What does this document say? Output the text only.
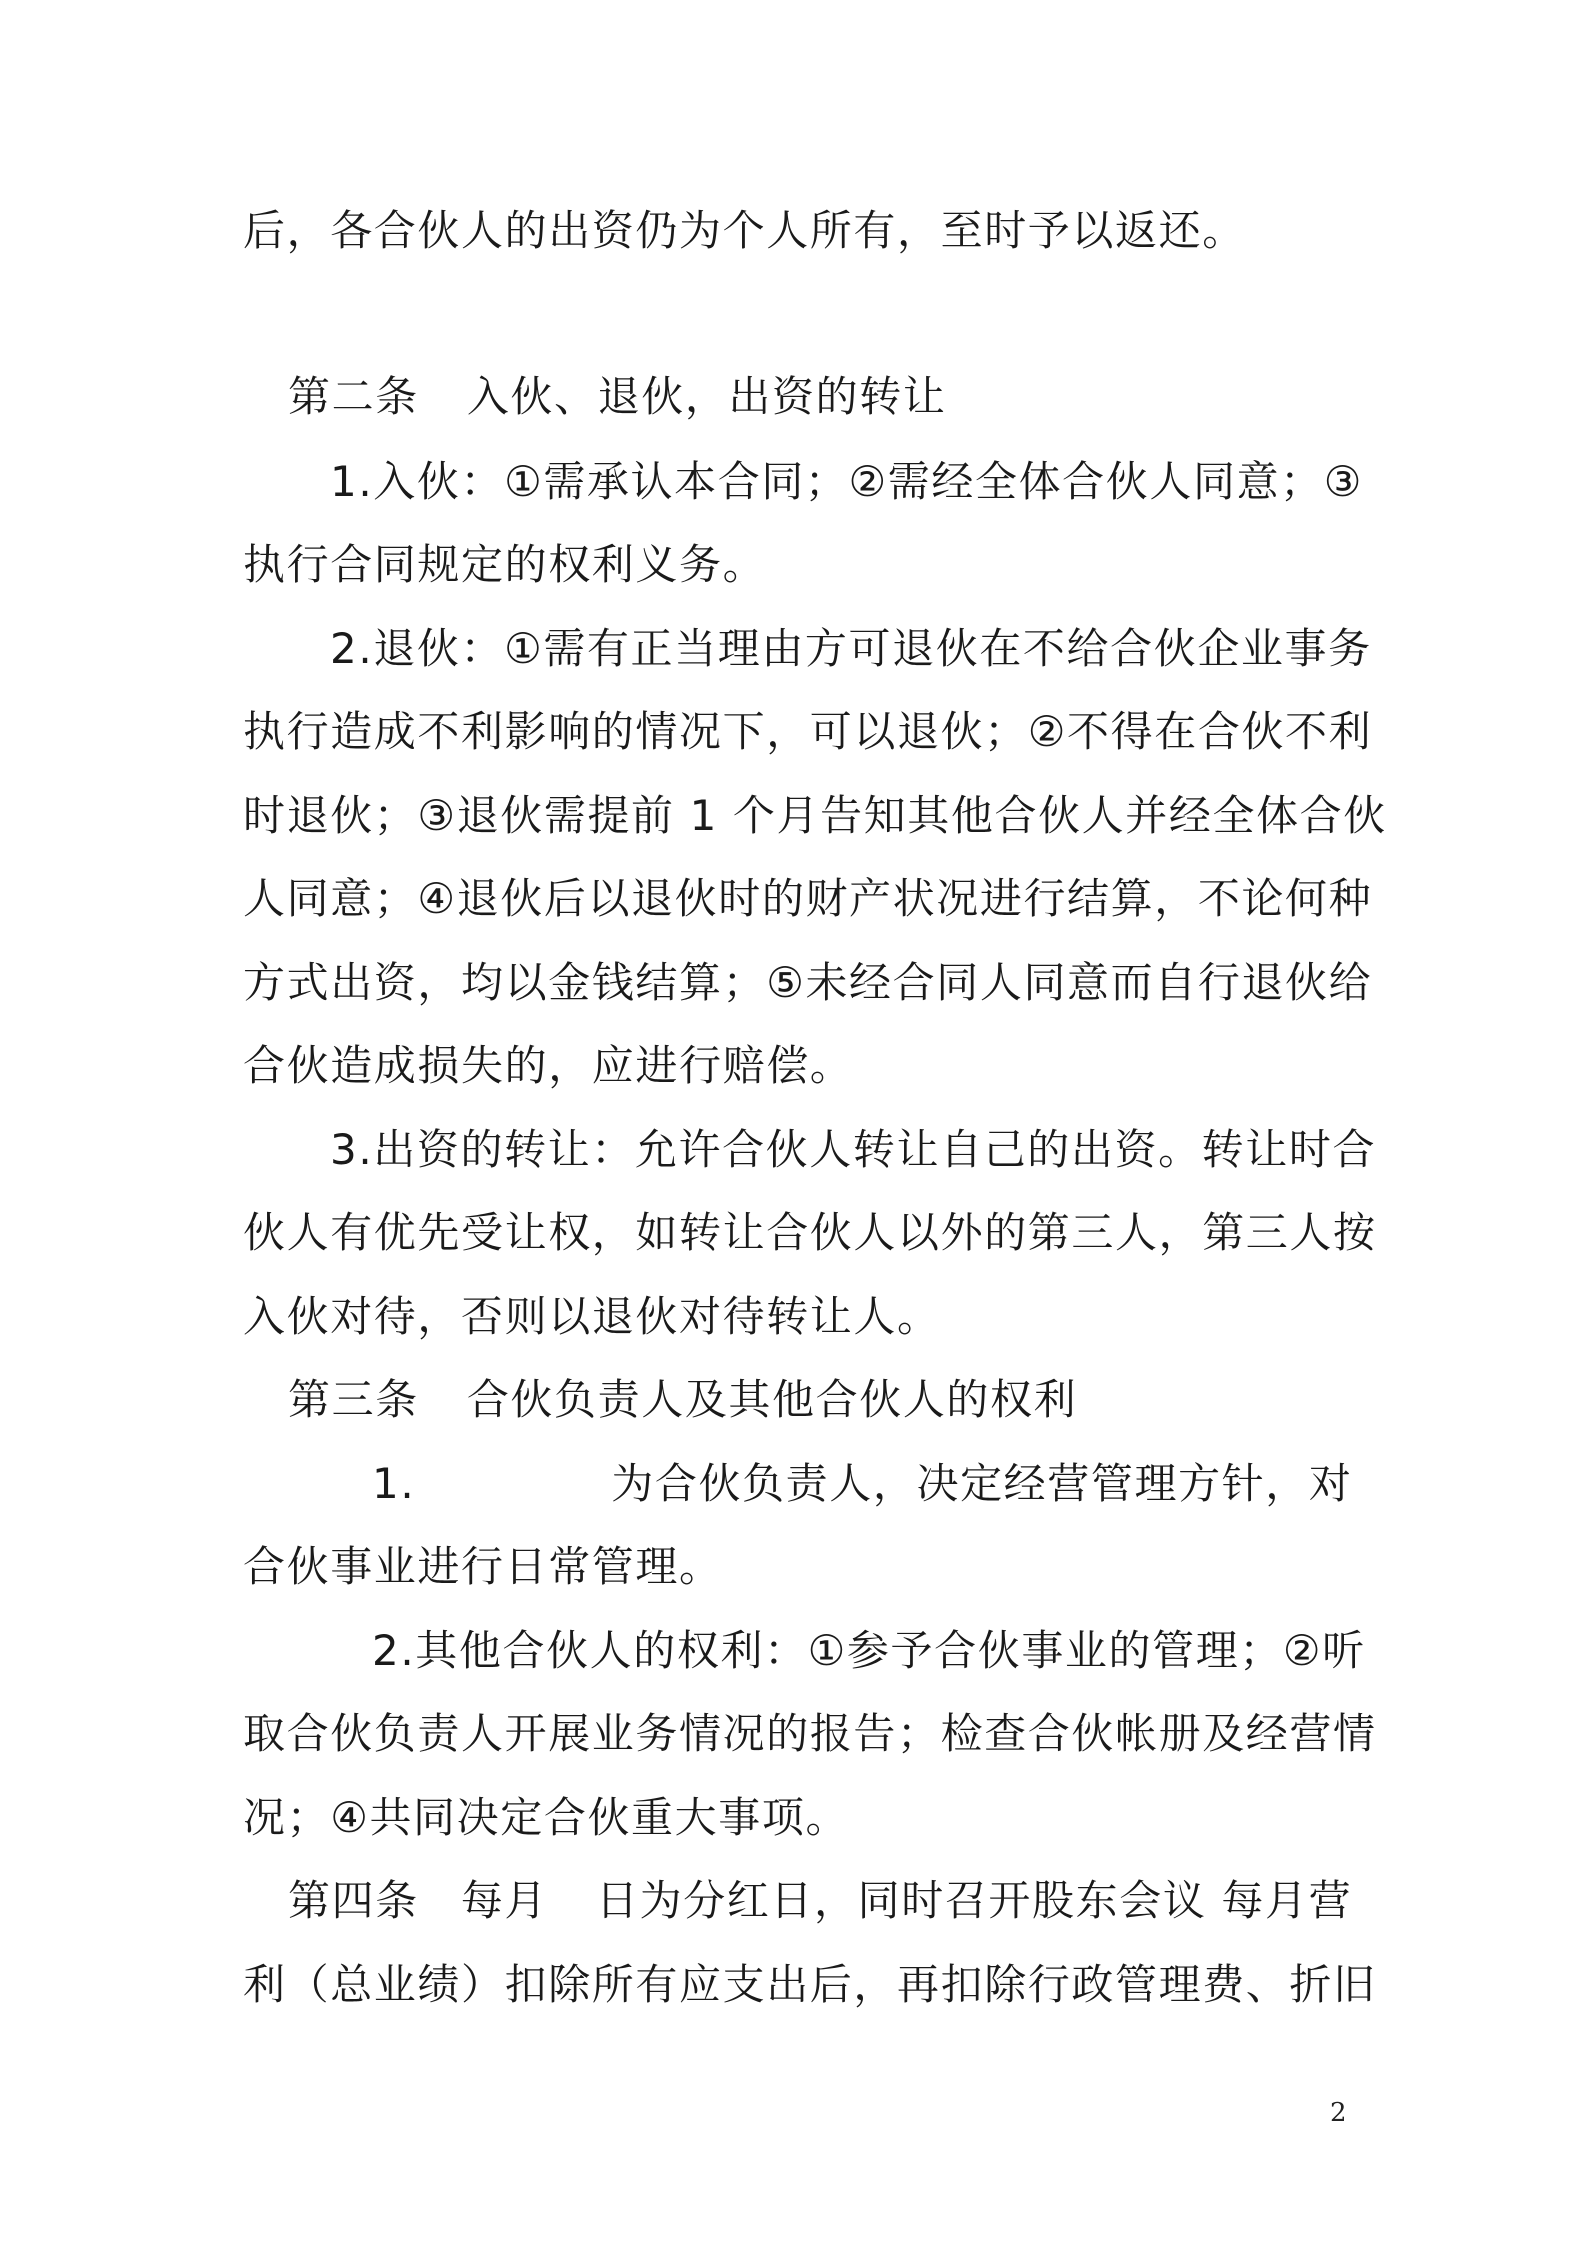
后，各合伙人的出资仍为个人所有，至时予以返还。
第二条 入伙、退伙，出资的转让
1.入伙：①需承认本合同；②需经全体合伙人同意；③
执行合同规定的权利义务。
2.退伙：①需有正当理由方可退伙在不给合伙企业事务
执行造成不利影响的情况下，可以退伙；②不得在合伙不利
时退伙；③退伙需提前 1 个月告知其他合伙人并经全体合伙
人同意；④退伙后以退伙时的财产状况进行结算，不论何种
方式出资，均以金钱结算；⑤未经合同人同意而自行退伙给
合伙造成损失的，应进行赔偿。
3.出资的转让：允许合伙人转让自己的出资。转让时合
伙人有优先受让权，如转让合伙人以外的第三人，第三人按
入伙对待，否则以退伙对待转让人。
第三条 合伙负责人及其他合伙人的权利
1.	为合伙负责人，决定经营管理方针，对
合伙事业进行日常管理。
2.其他合伙人的权利：①参予合伙事业的管理；②听
取合伙负责人开展业务情况的报告；检查合伙帐册及经营情
况；④共同决定合伙重大事项。
第四条 每月 日为分红日，同时召开股东会议 每月营
利（总业绩）扣除所有应支出后，再扣除行政管理费、折旧
2
